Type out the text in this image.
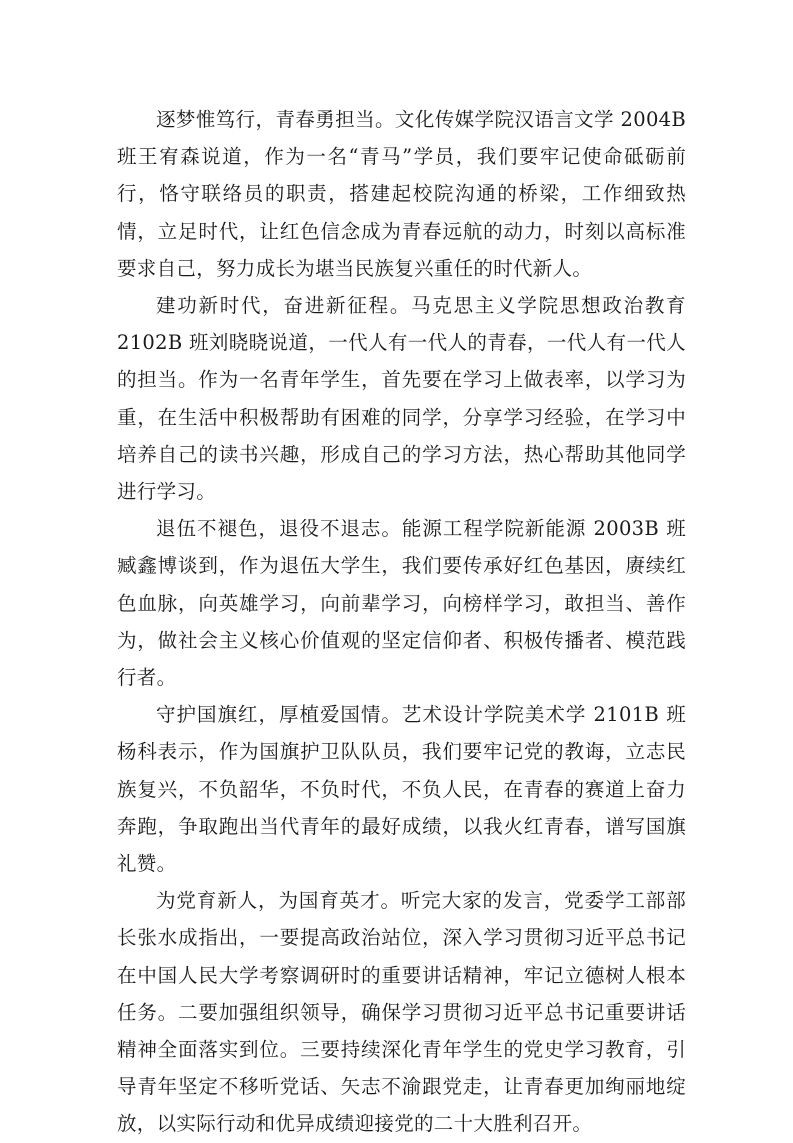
逐梦惟笃行，青春勇担当。文化传媒学院汉语言文学 2004B 班王宥森说道，作为一名“青马”学员，我们要牢记使命砥砺前行，恪守联络员的职责，搭建起校院沟通的桥梁，工作细致热情，立足时代，让红色信念成为青春远航的动力，时刻以高标准要求自己，努力成长为堪当民族复兴重任的时代新人。

建功新时代，奋进新征程。马克思主义学院思想政治教育 2102B 班刘晓晓说道，一代人有一代人的青春，一代人有一代人的担当。作为一名青年学生，首先要在学习上做表率，以学习为重，在生活中积极帮助有困难的同学，分享学习经验，在学习中培养自己的读书兴趣，形成自己的学习方法，热心帮助其他同学进行学习。

退伍不褪色，退役不退志。能源工程学院新能源 2003B 班臧鑫博谈到，作为退伍大学生，我们要传承好红色基因，赓续红色血脉，向英雄学习，向前辈学习，向榜样学习，敢担当、善作为，做社会主义核心价值观的坚定信仰者、积极传播者、模范践行者。

守护国旗红，厚植爱国情。艺术设计学院美术学 2101B 班杨科表示，作为国旗护卫队队员，我们要牢记党的教诲，立志民族复兴，不负韶华，不负时代，不负人民，在青春的赛道上奋力奔跑，争取跑出当代青年的最好成绩，以我火红青春，谱写国旗礼赞。

为党育新人，为国育英才。听完大家的发言，党委学工部部长张水成指出，一要提高政治站位，深入学习贯彻习近平总书记在中国人民大学考察调研时的重要讲话精神，牢记立德树人根本任务。二要加强组织领导，确保学习贯彻习近平总书记重要讲话精神全面落实到位。三要持续深化青年学生的党史学习教育，引导青年坚定不移听党话、矢志不渝跟党走，让青春更加绚丽地绽放，以实际行动和优异成绩迎接党的二十大胜利召开。
